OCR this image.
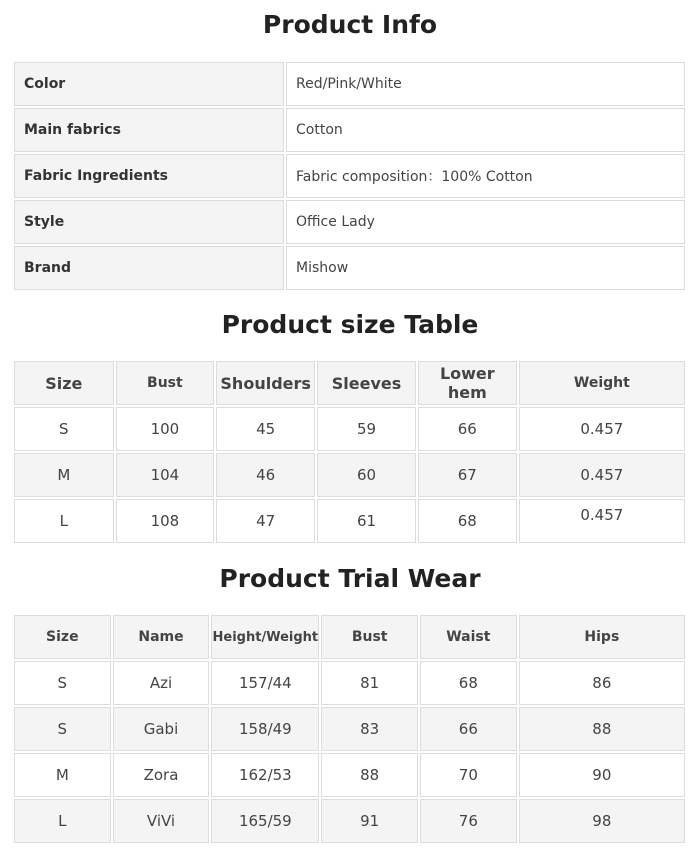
Product Info
Color	Red/Pink/White
Main fabrics	Cotton
Fabric Ingredients	Fabric composition：100% Cotton
Style	Office Lady
Brand	Mishow
Product size Table
Size	Bust	Shoulders	Sleeves	Lower hem	Weight
S	100	45	59	66	0.457
M	104	46	60	67	0.457
L	108	47	61	68	0.457
Product Trial Wear
Size	Name	Height/Weight	Bust	Waist	Hips
S	Azi	157/44	81	68	86
S	Gabi	158/49	83	66	88
M	Zora	162/53	88	70	90
L	ViVi	165/59	91	76	98
